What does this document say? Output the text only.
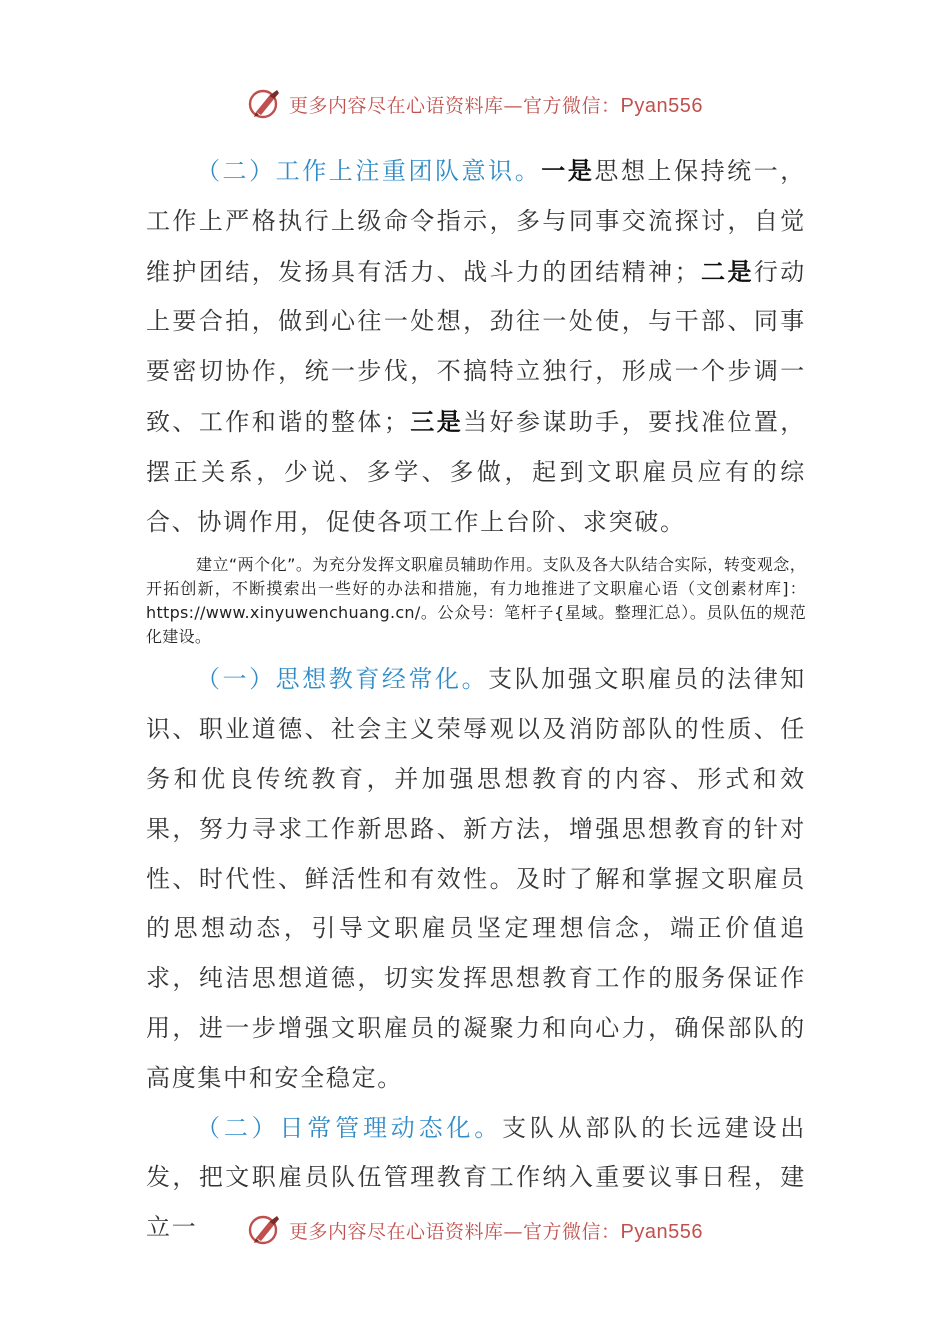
更多内容尽在心语资料库—官方微信：Pyan556

（二）工作上注重团队意识。一是思想上保持统一，工作上严格执行上级命令指示，多与同事交流探讨，自觉维护团结，发扬具有活力、战斗力的团结精神；二是行动上要合拍，做到心往一处想，劲往一处使，与干部、同事要密切协作，统一步伐，不搞特立独行，形成一个步调一致、工作和谐的整体；三是当好参谋助手，要找准位置，摆正关系，少说、多学、多做，起到文职雇员应有的综合、协调作用，促使各项工作上台阶、求突破。

建立“两个化”。为充分发挥文职雇员辅助作用。支队及各大队结合实际，转变观念，开拓创新，不断摸索出一些好的办法和措施，有力地推进了文职雇心语（文创素材库]：https://www.xinyuwenchuang.cn/。公众号：笔杆子{星域。整理汇总）。员队伍的规范化建设。

（一）思想教育经常化。支队加强文职雇员的法律知识、职业道德、社会主义荣辱观以及消防部队的性质、任务和优良传统教育，并加强思想教育的内容、形式和效果，努力寻求工作新思路、新方法，增强思想教育的针对性、时代性、鲜活性和有效性。及时了解和掌握文职雇员的思想动态，引导文职雇员坚定理想信念，端正价值追求，纯洁思想道德，切实发挥思想教育工作的服务保证作用，进一步增强文职雇员的凝聚力和向心力，确保部队的高度集中和安全稳定。

（二）日常管理动态化。支队从部队的长远建设出发，把文职雇员队伍管理教育工作纳入重要议事日程，建立一	更多内容尽在心语资料库—官方微信：Pyan556
